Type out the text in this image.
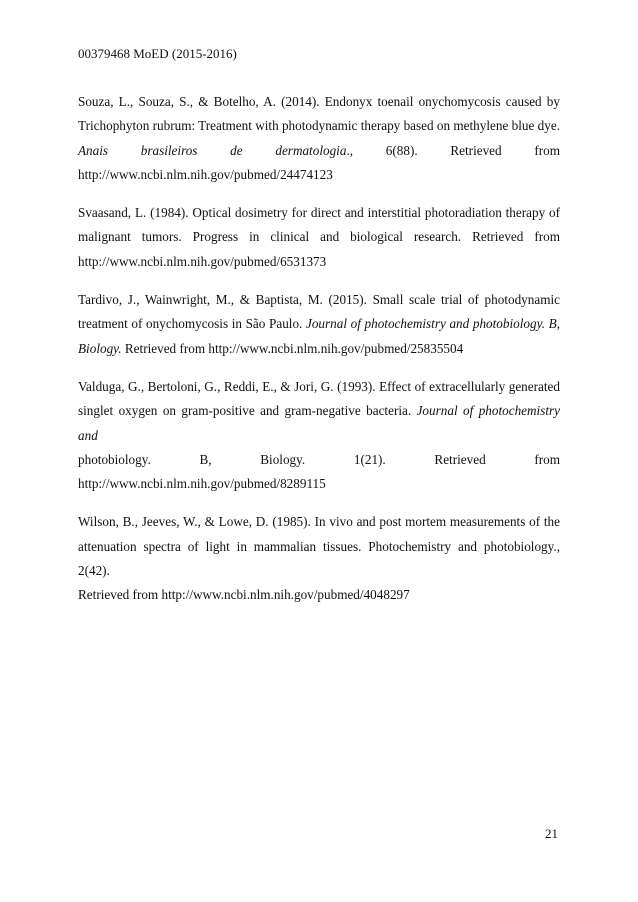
00379468 MoED (2015-2016)
Souza, L., Souza, S., & Botelho, A. (2014). Endonyx toenail onychomycosis caused by
Trichophyton rubrum: Treatment with photodynamic therapy based on methylene blue dye.
Anais brasileiros de dermatologia., 6(88). Retrieved from
http://www.ncbi.nlm.nih.gov/pubmed/24474123
Svaasand, L. (1984). Optical dosimetry for direct and interstitial photoradiation therapy of
malignant tumors. Progress in clinical and biological research. Retrieved from
http://www.ncbi.nlm.nih.gov/pubmed/6531373
Tardivo, J., Wainwright, M., & Baptista, M. (2015). Small scale trial of photodynamic
treatment of onychomycosis in São Paulo. Journal of photochemistry and photobiology. B,
Biology. Retrieved from http://www.ncbi.nlm.nih.gov/pubmed/25835504
Valduga, G., Bertoloni, G., Reddi, E., & Jori, G. (1993). Effect of extracellularly generated
singlet oxygen on gram-positive and gram-negative bacteria. Journal of photochemistry and
photobiology. B, Biology. 1(21). Retrieved from
http://www.ncbi.nlm.nih.gov/pubmed/8289115
Wilson, B., Jeeves, W., & Lowe, D. (1985). In vivo and post mortem measurements of the
attenuation spectra of light in mammalian tissues. Photochemistry and photobiology., 2(42).
Retrieved from http://www.ncbi.nlm.nih.gov/pubmed/4048297
21
